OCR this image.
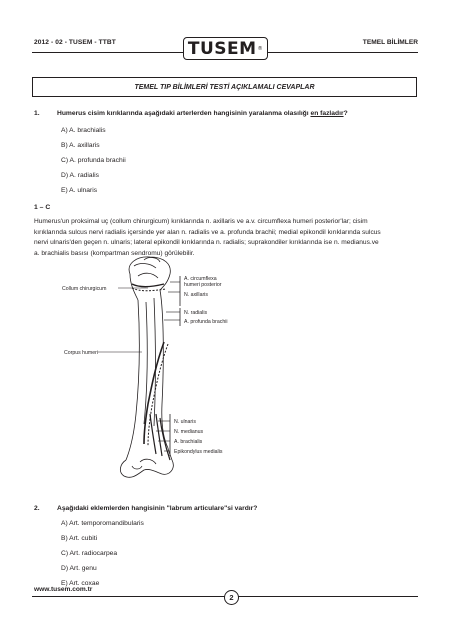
2012 - 02 - TUSEM - TTBT	TEMEL BİLİMLER
TUSEM ®
TEMEL TIP BİLİMLERİ TESTİ AÇIKLAMALI CEVAPLAR
1.	Humerus cisim kırıklarında aşağıdaki arterlerden hangisinin yaralanma olasılığı en fazladır?
A) A. brachialis
B) A. axillaris
C) A. profunda brachii
D) A. radialis
E) A. ulnaris
1 – C

Humerus'un proksimal uç (collum chirurgicum) kırıklarında n. axillaris ve a.v. circumflexa humeri posterior'lar; cisim

kırıklarında sulcus nervi radialis içersinde yer alan n. radialis ve a. profunda brachii; medial epikondil kırıklarında sulcus

nervi ulnaris'den geçen n. ulnaris; lateral epikondil kırıklarında n. radialis; suprakondiler kırıklarında ise n. medianus.ve

a. brachialis basısı (kompartman sendromu) görülebilir.

Collum chirurgicum
Corpus humeri
A. circumflexa
humeri posterior
N. axillaris
N. radialis
A. profunda brachii
N. ulnaris
N. medianus
A. brachialis
Epikondylus medialis
2.	Aşağıdaki eklemlerden hangisinin "labrum articulare"si vardır?
A) Art. temporomandibularis
B) Art. cubiti
C) Art. radiocarpea
D) Art. genu
E) Art. coxae
www.tusem.com.tr
2
